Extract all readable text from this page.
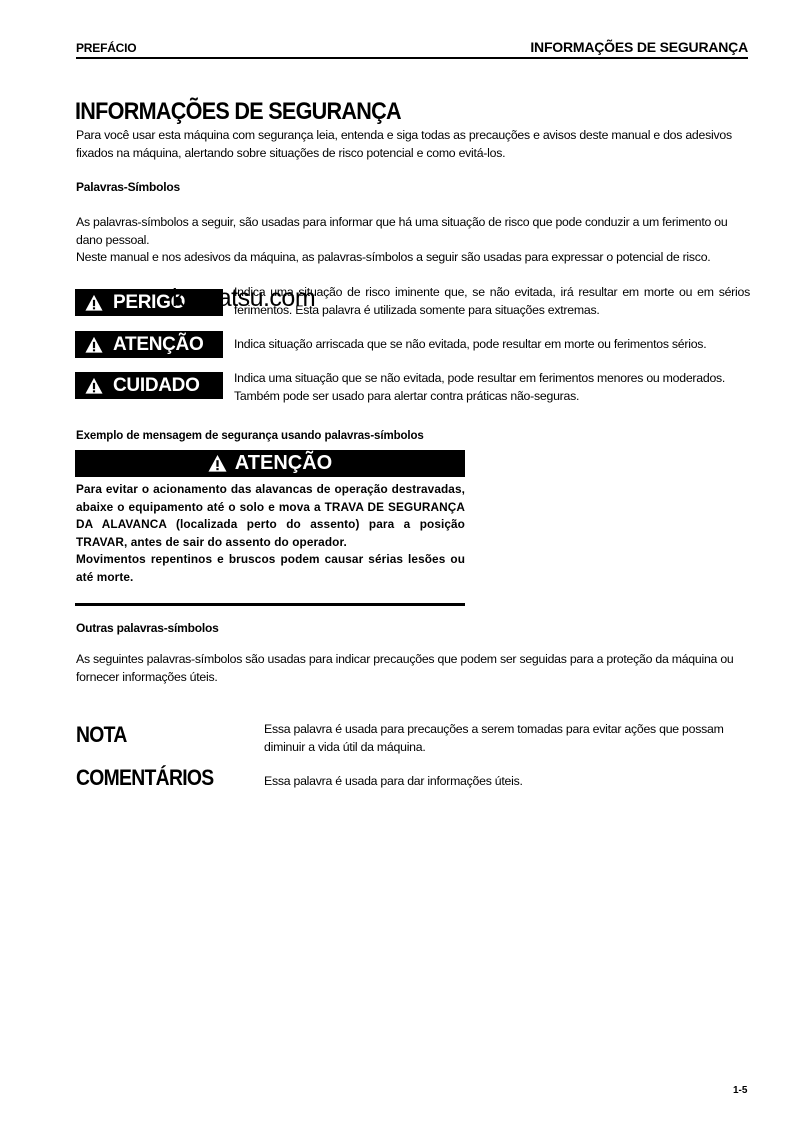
PREFÁCIO	INFORMAÇÕES DE SEGURANÇA
INFORMAÇÕES DE SEGURANÇA
Para você usar esta máquina com segurança leia, entenda e siga todas as precauções e avisos deste manual e dos adesivos fixados na máquina, alertando sobre situações de risco potencial e como evitá-los.
Palavras-Símbolos
As palavras-símbolos a seguir, são usadas para informar que há uma situação de risco que pode conduzir a um ferimento ou dano pessoal.
Neste manual e nos adesivos da máquina, as palavras-símbolos a seguir são usadas para expressar o potencial de risco.
PERIGO	Indica uma situação de risco iminente que, se não evitada, irá resultar em morte ou em sérios ferimentos. Esta palavra é utilizada somente para situações extremas.
komatsu.com
ATENÇÃO Indica situação arriscada que se não evitada, pode resultar em morte ou ferimentos sérios.
CUIDADO	Indica uma situação que se não evitada, pode resultar em ferimentos menores ou moderados. Também pode ser usado para alertar contra práticas não-seguras.
Exemplo de mensagem de segurança usando palavras-símbolos
ATENÇÃO
Para evitar o acionamento das alavancas de operação destravadas, abaixe o equipamento até o solo e mova a TRAVA DE SEGURANÇA DA ALAVANCA (localizada perto do assento) para a posição TRAVAR, antes de sair do assento do operador.
Movimentos repentinos e bruscos podem causar sérias lesões ou até morte.
Outras palavras-símbolos
As seguintes palavras-símbolos são usadas para indicar precauções que podem ser seguidas para a proteção da máquina ou fornecer informações úteis.
NOTA	Essa palavra é usada para precauções a serem tomadas para evitar ações que possam diminuir a vida útil da máquina.
COMENTÁRIOS	Essa palavra é usada para dar informações úteis.
1-5
